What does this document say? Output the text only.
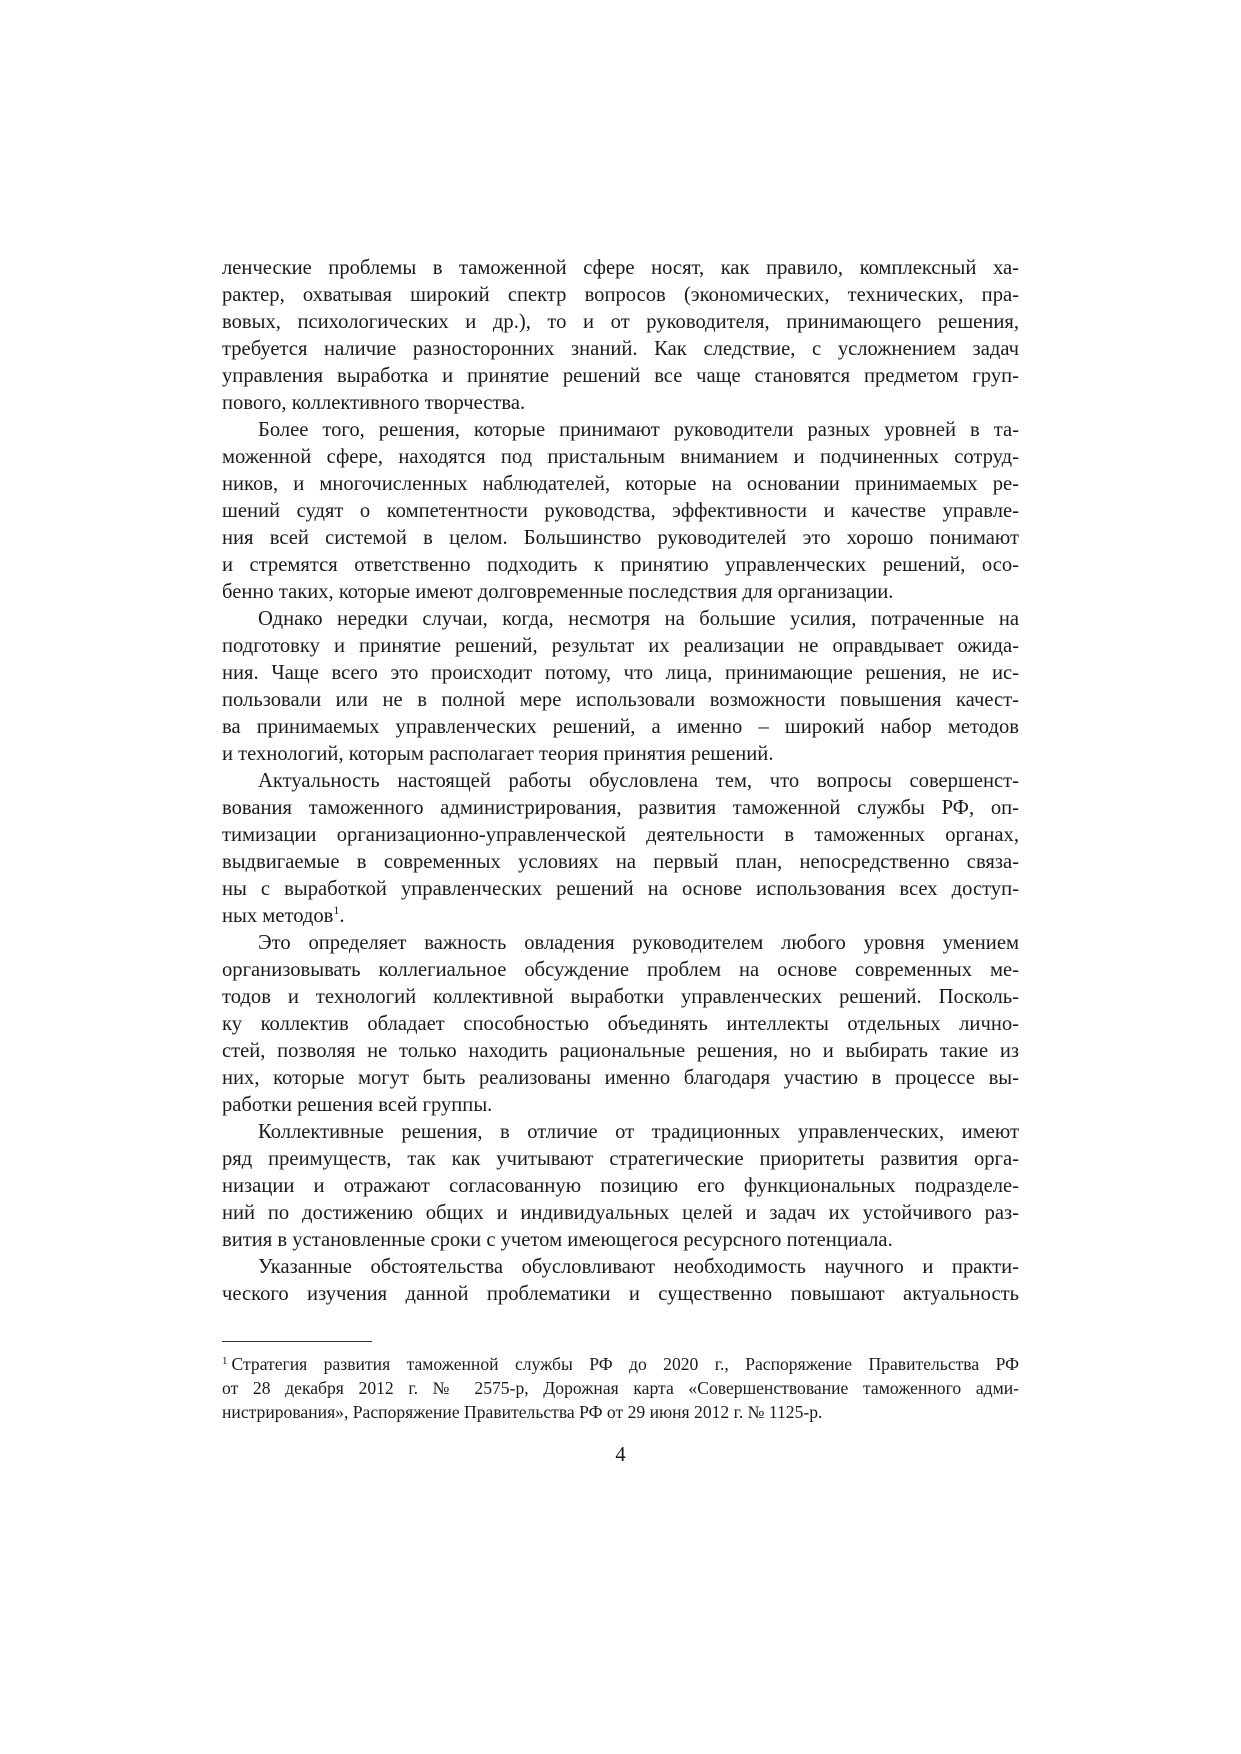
ленческие проблемы в таможенной сфере носят, как правило, комплексный ха-
рактер, охватывая широкий спектр вопросов (экономических, технических, пра-
вовых, психологических и др.), то и от руководителя, принимающего решения,
требуется наличие разносторонних знаний. Как следствие, с усложнением задач
управления выработка и принятие решений все чаще становятся предметом груп-
пового, коллективного творчества.
Более того, решения, которые принимают руководители разных уровней в та-
моженной сфере, находятся под пристальным вниманием и подчиненных сотруд-
ников, и многочисленных наблюдателей, которые на основании принимаемых ре-
шений судят о компетентности руководства, эффективности и качестве управле-
ния всей системой в целом. Большинство руководителей это хорошо понимают
и стремятся ответственно подходить к принятию управленческих решений, осо-
бенно таких, которые имеют долговременные последствия для организации.
Однако нередки случаи, когда, несмотря на большие усилия, потраченные на
подготовку и принятие решений, результат их реализации не оправдывает ожида-
ния. Чаще всего это происходит потому, что лица, принимающие решения, не ис-
пользовали или не в полной мере использовали возможности повышения качест-
ва принимаемых управленческих решений, а именно – широкий набор методов
и технологий, которым располагает теория принятия решений.
Актуальность настоящей работы обусловлена тем, что вопросы совершенст-
вования таможенного администрирования, развития таможенной службы РФ, оп-
тимизации организационно-управленческой деятельности в таможенных органах,
выдвигаемые в современных условиях на первый план, непосредственно связа-
ны с выработкой управленческих решений на основе использования всех доступ-
ных методов$^1$.
Это определяет важность овладения руководителем любого уровня умением
организовывать коллегиальное обсуждение проблем на основе современных ме-
тодов и технологий коллективной выработки управленческих решений. Посколь-
ку коллектив обладает способностью объединять интеллекты отдельных лично-
стей, позволяя не только находить рациональные решения, но и выбирать такие из
них, которые могут быть реализованы именно благодаря участию в процессе вы-
работки решения всей группы.
Коллективные решения, в отличие от традиционных управленческих, имеют
ряд преимуществ, так как учитывают стратегические приоритеты развития орга-
низации и отражают согласованную позицию его функциональных подразделе-
ний по достижению общих и индивидуальных целей и задач их устойчивого раз-
вития в установленные сроки с учетом имеющегося ресурсного потенциала.
Указанные обстоятельства обусловливают необходимость научного и практи-
ческого изучения данной проблематики и существенно повышают актуальность
$^1$ Стратегия развития таможенной службы РФ до 2020 г., Распоряжение Правительства РФ
от 28 декабря 2012 г. № 2575-р, Дорожная карта «Совершенствование таможенного адми-
нистрирования», Распоряжение Правительства РФ от 29 июня 2012 г. № 1125-р.
4
